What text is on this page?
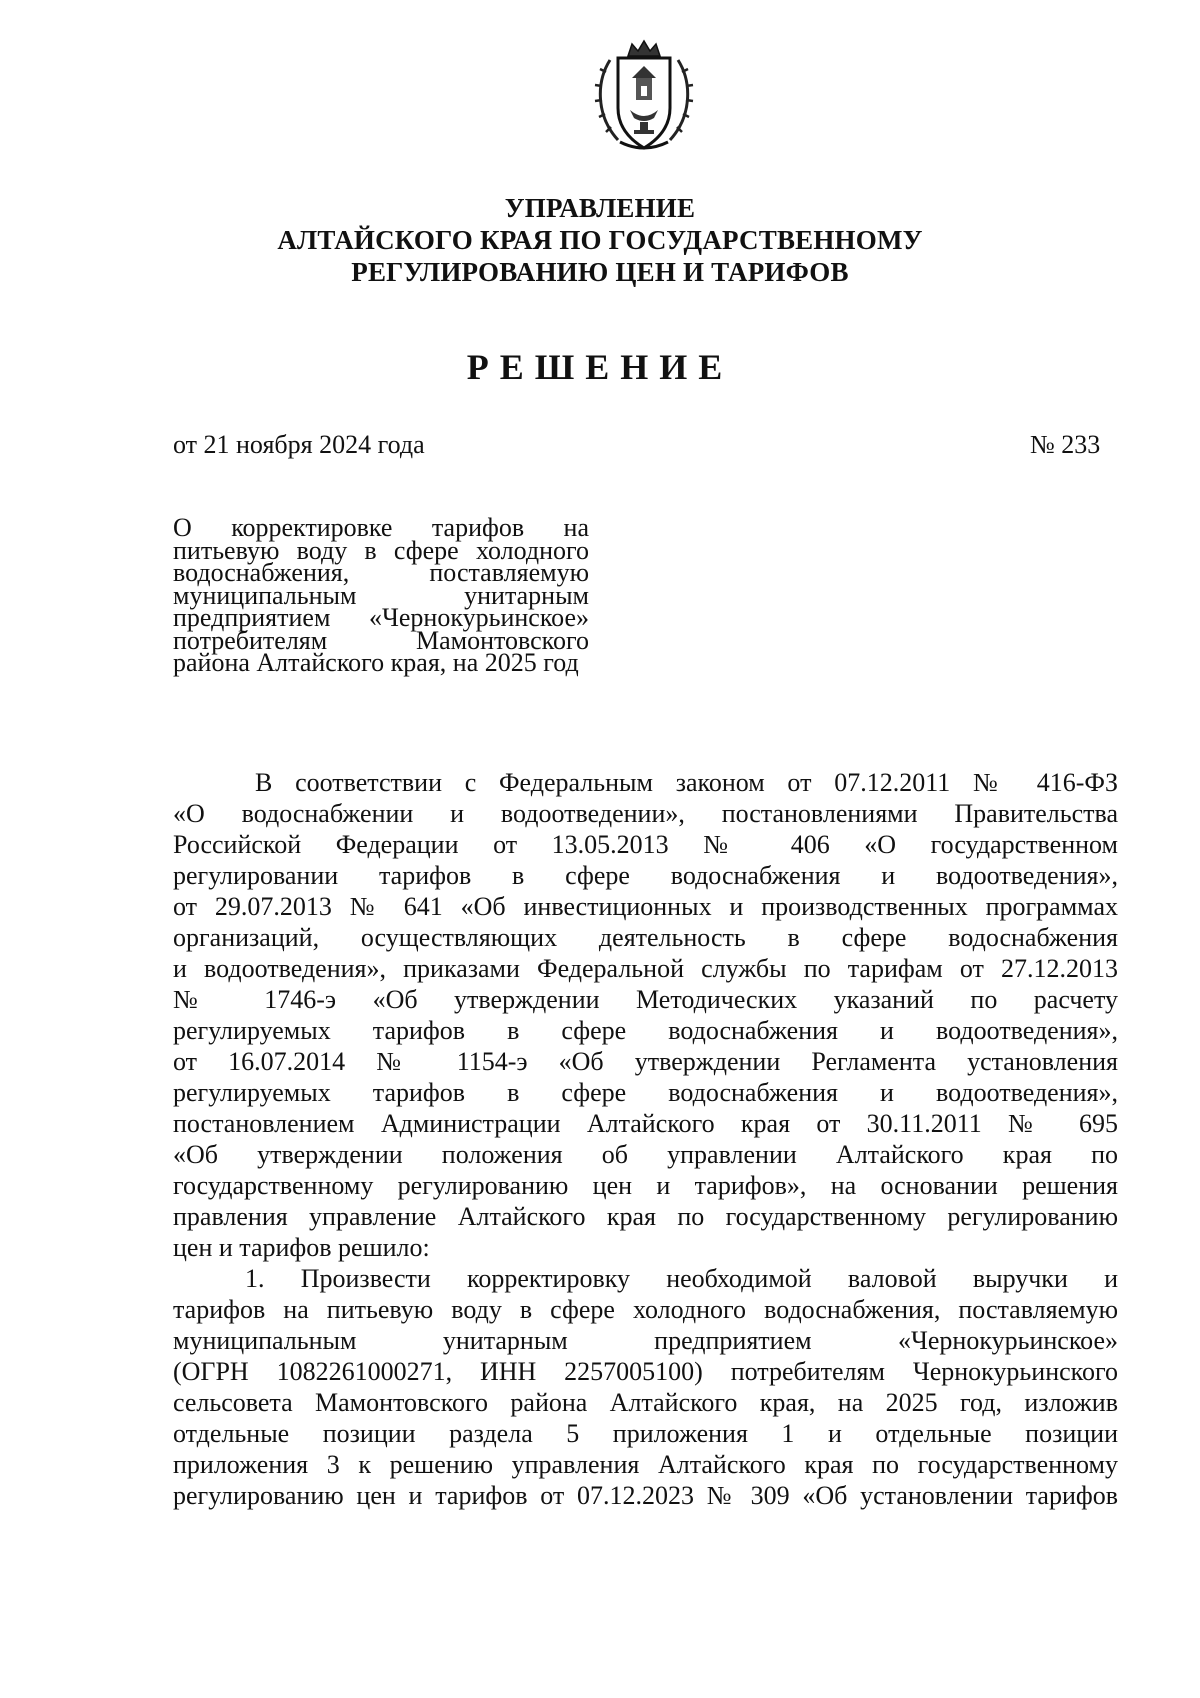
УПРАВЛЕНИЕ
АЛТАЙСКОГО КРАЯ ПО ГОСУДАРСТВЕННОМУ
РЕГУЛИРОВАНИЮ ЦЕН И ТАРИФОВ
РЕШЕНИЕ
от 21 ноября 2024 года	№ 233
О корректировке тарифов на питьевую воду в сфере холодного водоснабжения, поставляемую муниципальным унитарным предприятием «Чернокурьинское» потребителям Мамонтовского района Алтайского края, на 2025 год
В соответствии с Федеральным законом от 07.12.2011 № 416-ФЗ
«О водоснабжении и водоотведении», постановлениями Правительства
Российской Федерации от 13.05.2013 № 406 «О государственном
регулировании тарифов в сфере водоснабжения и водоотведения»,
от 29.07.2013 № 641 «Об инвестиционных и производственных программах
организаций, осуществляющих деятельность в сфере водоснабжения
и водоотведения», приказами Федеральной службы по тарифам от 27.12.2013
№ 1746-э «Об утверждении Методических указаний по расчету
регулируемых тарифов в сфере водоснабжения и водоотведения»,
от 16.07.2014 № 1154-э «Об утверждении Регламента установления
регулируемых тарифов в сфере водоснабжения и водоотведения»,
постановлением Администрации Алтайского края от 30.11.2011 № 695
«Об утверждении положения об управлении Алтайского края по
государственному регулированию цен и тарифов», на основании решения
правления управление Алтайского края по государственному регулированию
цен и тарифов решило:
1. Произвести корректировку необходимой валовой выручки и
тарифов на питьевую воду в сфере холодного водоснабжения, поставляемую
муниципальным унитарным предприятием «Чернокурьинское»
(ОГРН 1082261000271, ИНН 2257005100) потребителям Чернокурьинского
сельсовета Мамонтовского района Алтайского края, на 2025 год, изложив
отдельные позиции раздела 5 приложения 1 и отдельные позиции
приложения 3 к решению управления Алтайского края по государственному
регулированию цен и тарифов от 07.12.2023 № 309 «Об установлении тарифов
